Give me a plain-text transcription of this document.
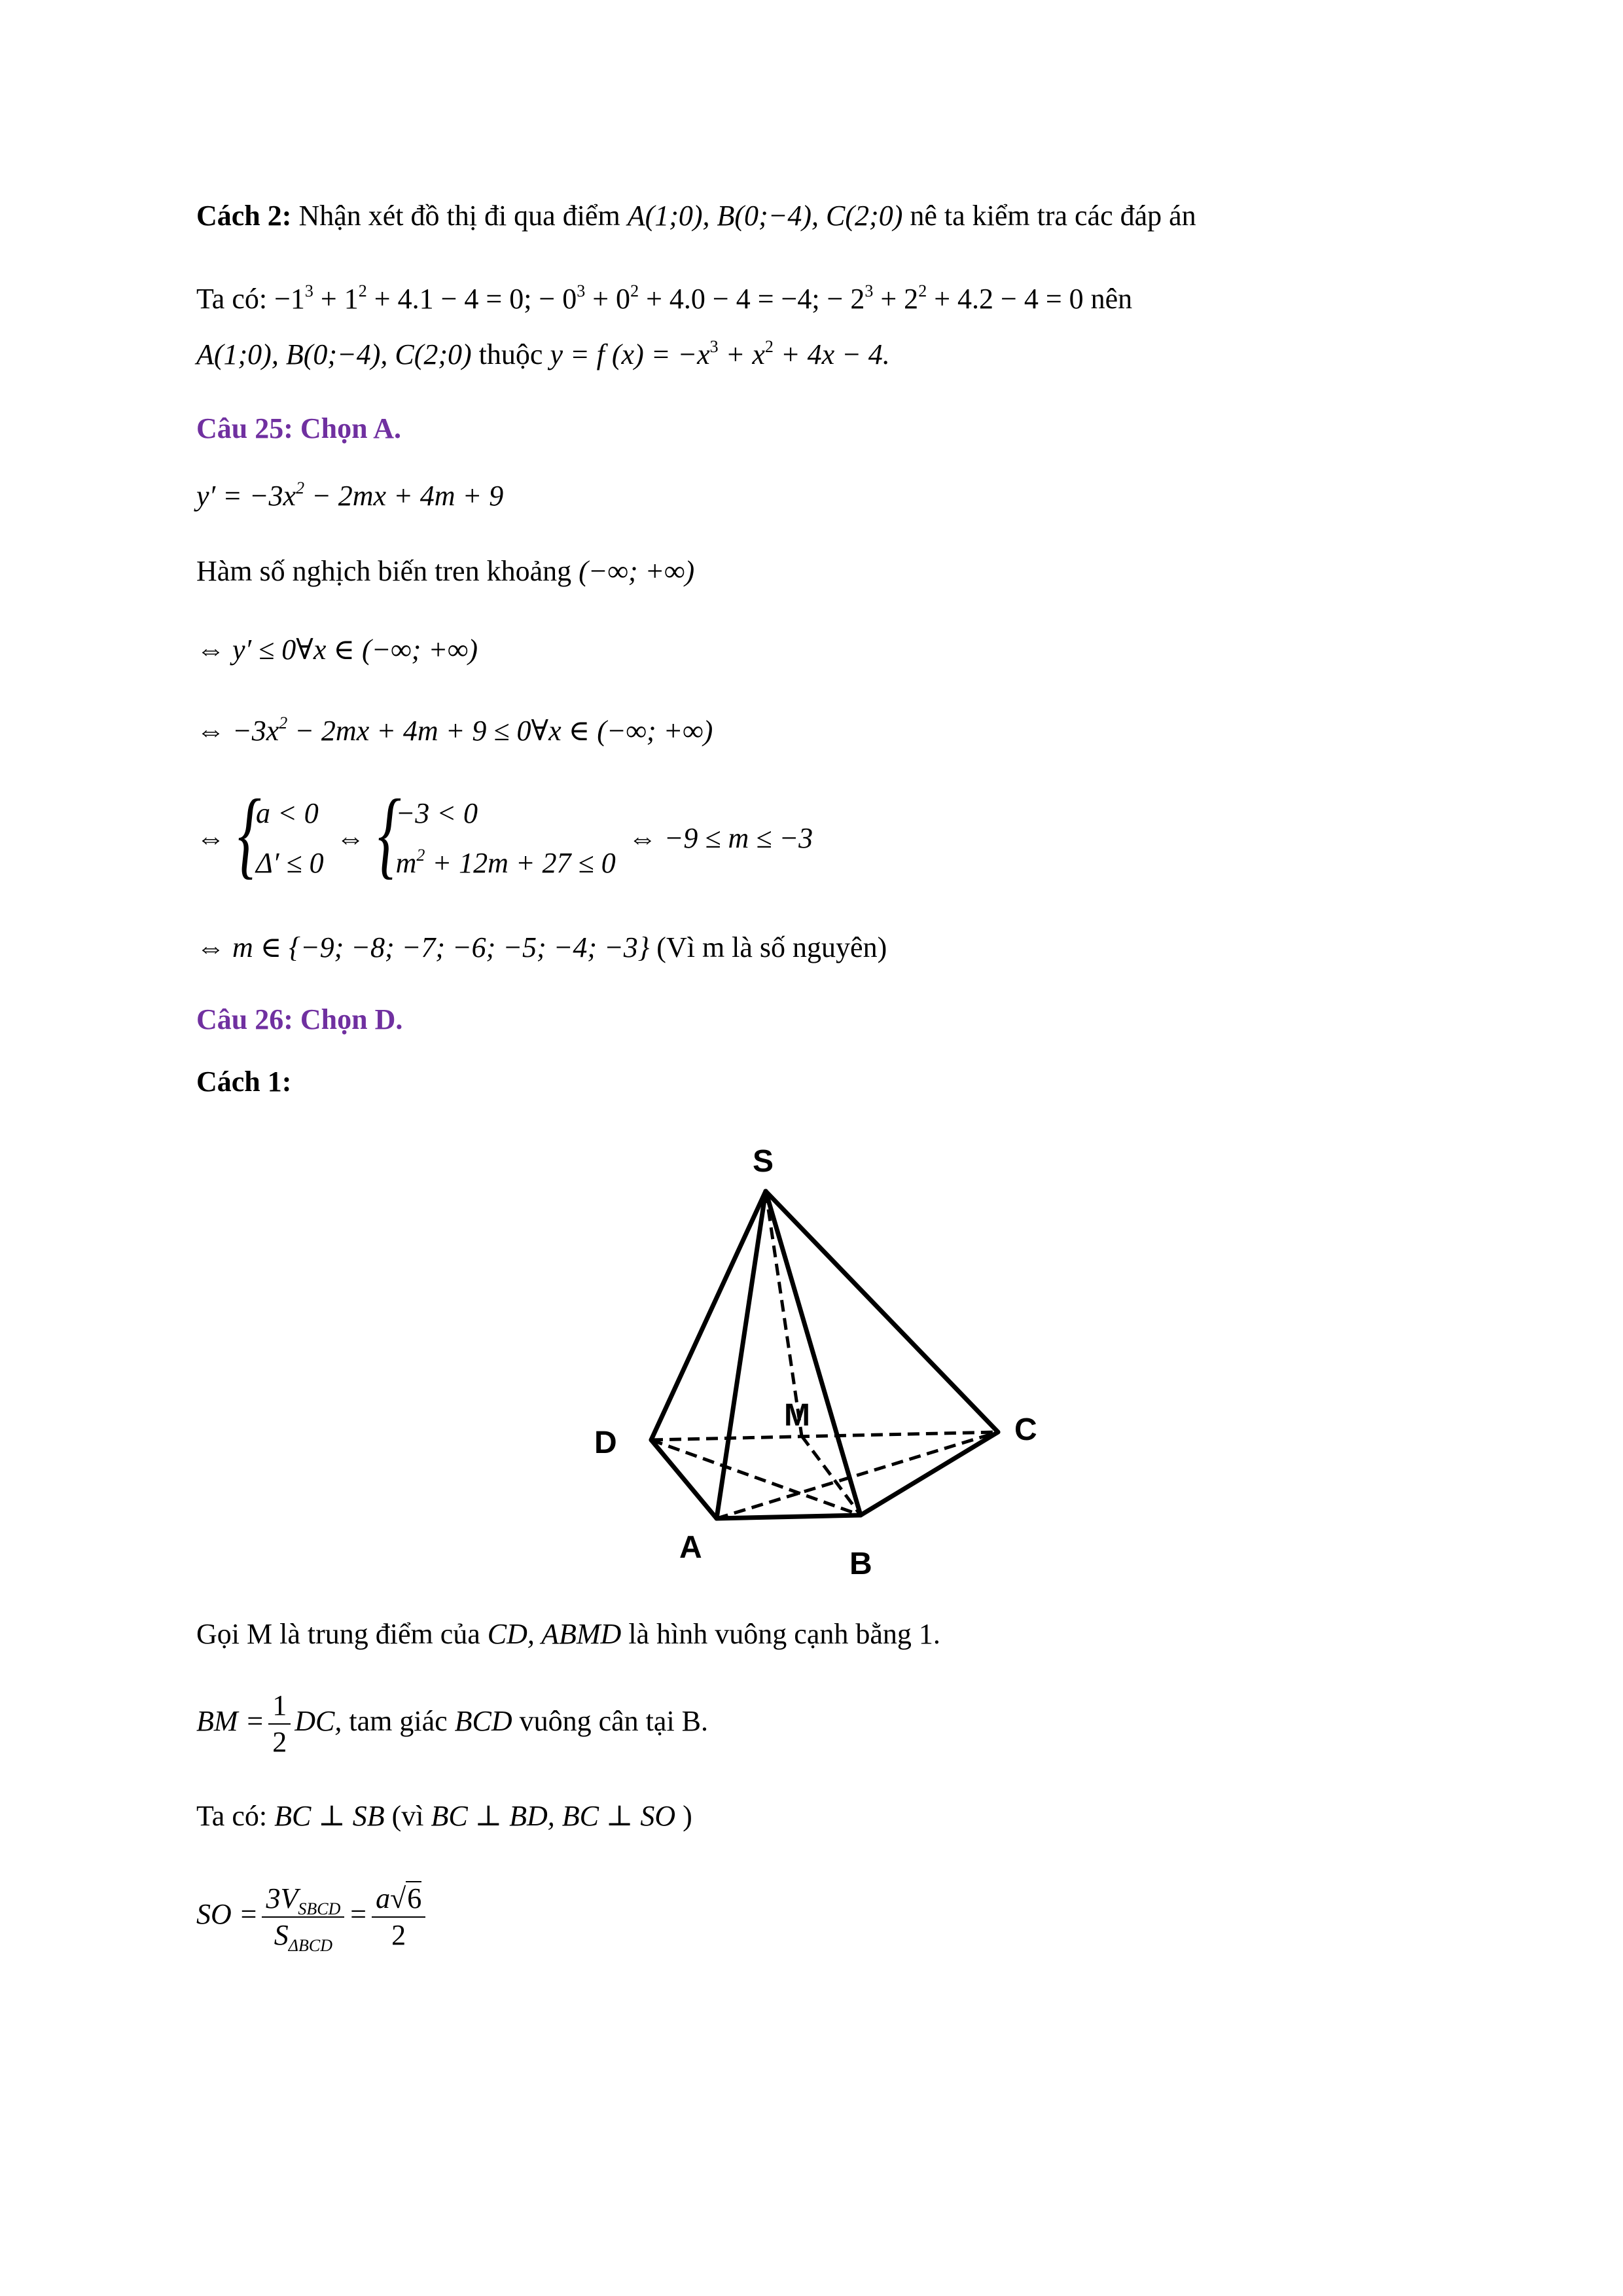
Cách 2: Nhận xét đồ thị đi qua điểm A(1;0), B(0;−4), C(2;0) nê ta kiểm tra các đáp án
Ta có: $-1^3 + 1^2 + 4.1 - 4 = 0$; − $0^3 + 0^2 + 4.0 - 4 = -4$; − $2^3 + 2^2 + 4.2 - 4 = 0$ nên
A(1;0), B(0;−4), C(2;0) thuộc y = f $(x) = -x^3 + x^2 + 4x - 4$.
Câu 25: Chọn A.
$y' = -3x^2 - 2mx + 4m + 9$
Hàm số nghịch biến tren khoảng (−∞; +∞)
⇔ y′ ≤ 0∀x ∈ (−∞; +∞)
⇔ $-3x^2 - 2mx + 4m + 9$ ≤ 0∀x ∈ (−∞; +∞)
⇔ {
a < 0
Δ′ ≤ 0
⇔ {
−3 < 0
$m^2 + 12m + 27 \le 0$
⇔ −9 ≤ m ≤ −3
⇔ m ∈ {−9; −8; −7; −6; −5; −4; −3} (Vì m là số nguyên)
Câu 26: Chọn D.
Cách 1:
S
M
D	C
A	B
Gọi M là trung điểm của CD, ABMD là hình vuông cạnh bằng 1.
BM = $\frac{1}{2}$ DC, tam giác BCD vuông cân tại B.
Ta có: BC ⊥ SB (vì BC ⊥ BD, BC ⊥ SO )
SO = $\frac{3V_{SBCD}}{S_{\Delta BCD}} = \frac{a√6}{2}$
